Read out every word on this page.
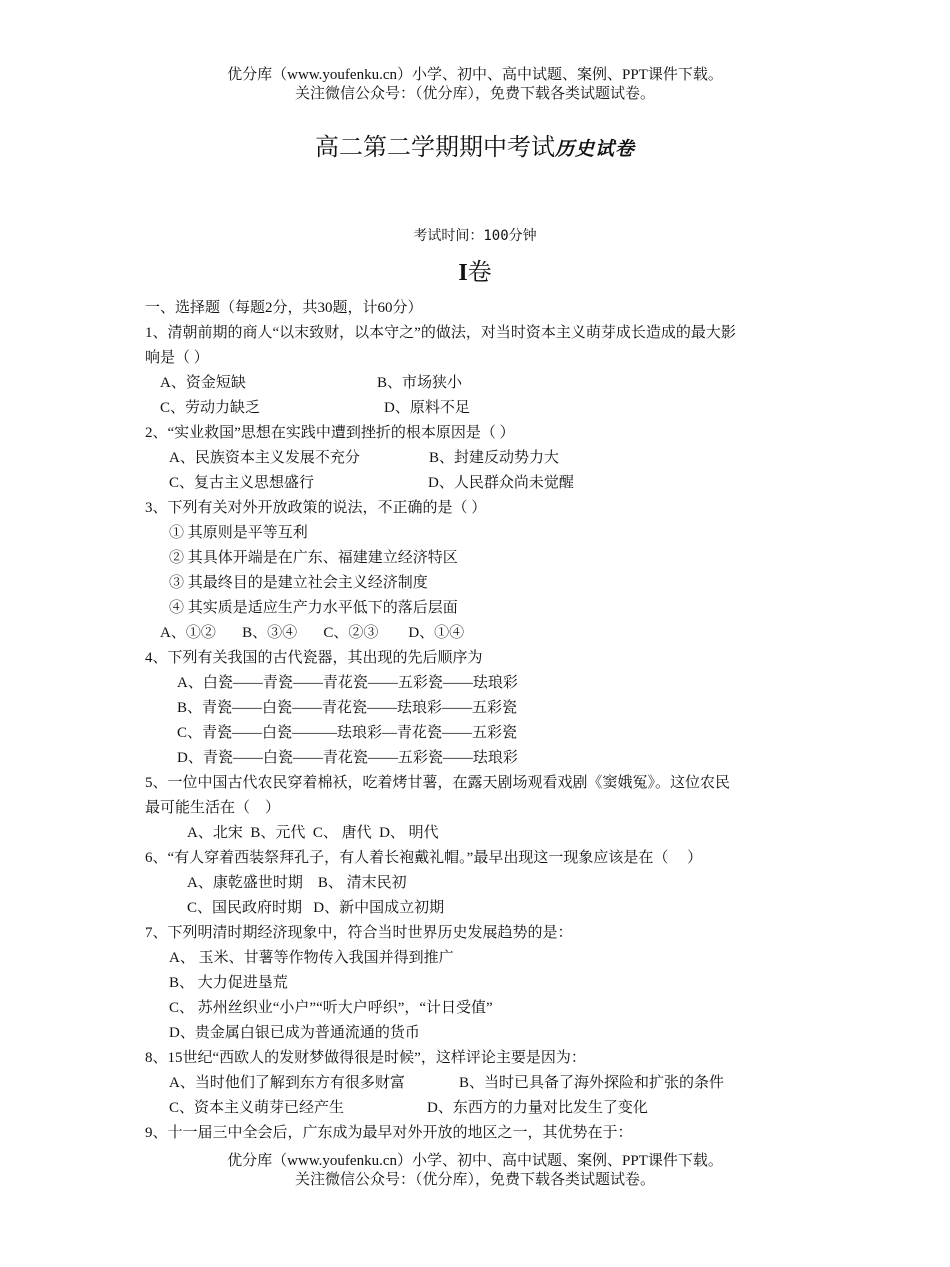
优分库（www.youfenku.cn）小学、初中、高中试题、案例、PPT课件下载。
关注微信公众号：（优分库），免费下载各类试题试卷。
高二第二学期期中考试历史试卷
考试时间：100分钟
I卷
一、选择题（每题2分，共30题，计60分）
1、清朝前期的商人“以末致财，以本守之”的做法，对当时资本主义萌芽成长造成的最大影
响是（ ）
A、资金短缺	B、市场狭小
C、劳动力缺乏	D、原料不足
2、“实业救国”思想在实践中遭到挫折的根本原因是（ ）
A、民族资本主义发展不充分	B、封建反动势力大
C、复古主义思想盛行	D、人民群众尚未觉醒
3、下列有关对外开放政策的说法，不正确的是（ ）
① 其原则是平等互利
② 其具体开端是在广东、福建建立经济特区
③ 其最终目的是建立社会主义经济制度
④ 其实质是适应生产力水平低下的落后层面
A、①②       B、③④       C、②③        D、①④
4、下列有关我国的古代瓷器，其出现的先后顺序为
A、白瓷——青瓷——青花瓷——五彩瓷——珐琅彩
B、青瓷——白瓷——青花瓷——珐琅彩——五彩瓷
C、青瓷——白瓷———珐琅彩—青花瓷——五彩瓷
D、青瓷——白瓷——青花瓷——五彩瓷——珐琅彩
5、一位中国古代农民穿着棉袄，吃着烤甘薯，在露天剧场观看戏剧《窦娥冤》。这位农民
最可能生活在（    ）
A、北宋  B、元代  C、 唐代  D、 明代
6、“有人穿着西装祭拜孔子，有人着长袍戴礼帽。”最早出现这一现象应该是在（     ）
A、康乾盛世时期    B、 清末民初
C、国民政府时期   D、新中国成立初期
7、下列明清时期经济现象中，符合当时世界历史发展趋势的是：
A、 玉米、甘薯等作物传入我国并得到推广
B、 大力促进垦荒
C、 苏州丝织业“小户”“听大户呼织”，“计日受值”
D、贵金属白银已成为普通流通的货币
8、15世纪“西欧人的发财梦做得很是时候”，这样评论主要是因为：
A、当时他们了解到东方有很多财富	B、当时已具备了海外探险和扩张的条件
C、资本主义萌芽已经产生	D、东西方的力量对比发生了变化
9、十一届三中全会后，广东成为最早对外开放的地区之一，其优势在于：
优分库（www.youfenku.cn）小学、初中、高中试题、案例、PPT课件下载。
关注微信公众号：（优分库），免费下载各类试题试卷。
